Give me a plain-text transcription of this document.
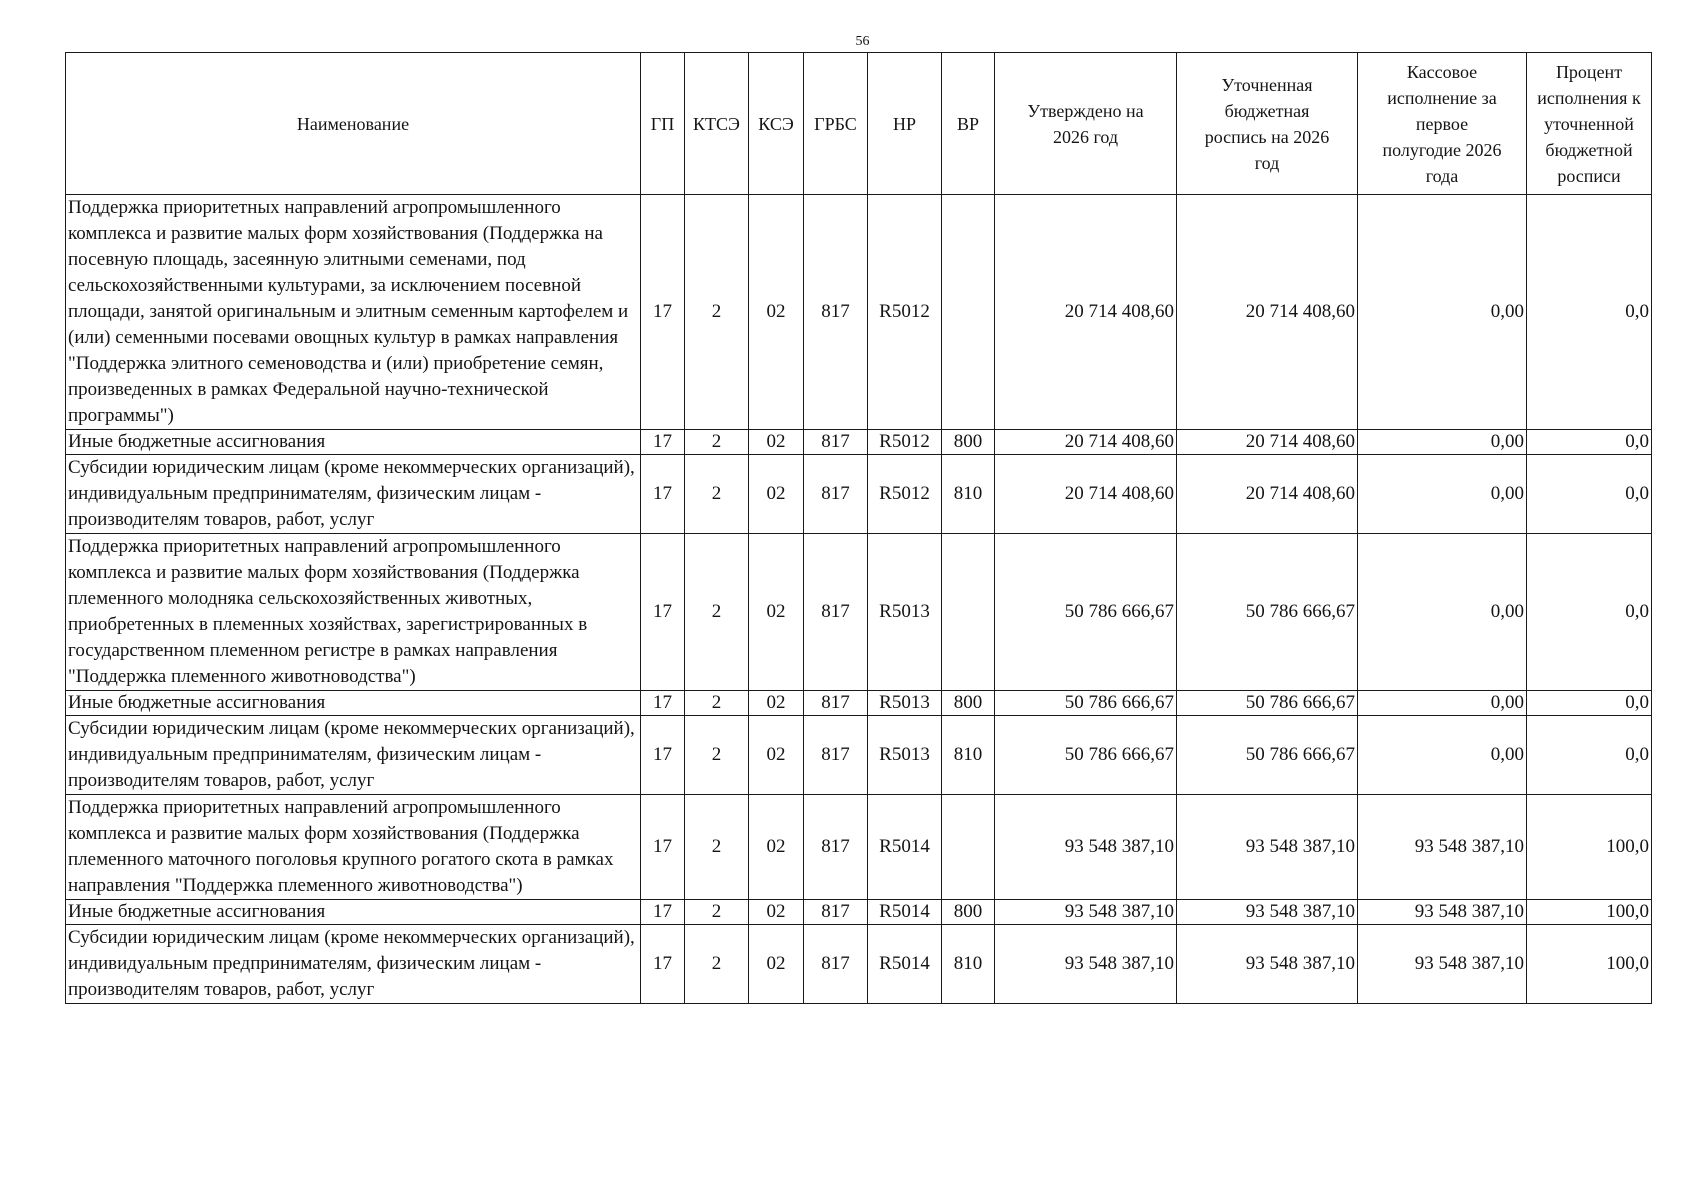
56
Наименование	ГП	КТСЭ	КСЭ	ГРБС	НР	ВР	Утверждено на 2026 год	Уточненная бюджетная роспись на 2026 год	Кассовое исполнение за первое полугодие 2026 года	Процент исполнения к уточненной бюджетной росписи
Поддержка приоритетных направлений агропромышленного комплекса и развитие малых форм хозяйствования (Поддержка на посевную площадь, засеянную элитными семенами, под сельскохозяйственными культурами, за исключением посевной площади, занятой оригинальным и элитным семенным картофелем и (или) семенными посевами овощных культур в рамках направления "Поддержка элитного семеноводства и (или) приобретение семян, произведенных в рамках Федеральной научно-технической программы")	17	2	02	817	R5012		20 714 408,60	20 714 408,60	0,00	0,0
Иные бюджетные ассигнования	17	2	02	817	R5012	800	20 714 408,60	20 714 408,60	0,00	0,0
Субсидии юридическим лицам (кроме некоммерческих организаций), индивидуальным предпринимателям, физическим лицам - производителям товаров, работ, услуг	17	2	02	817	R5012	810	20 714 408,60	20 714 408,60	0,00	0,0
Поддержка приоритетных направлений агропромышленного комплекса и развитие малых форм хозяйствования (Поддержка племенного молодняка сельскохозяйственных животных, приобретенных в племенных хозяйствах, зарегистрированных в государственном племенном регистре в рамках направления "Поддержка племенного животноводства")	17	2	02	817	R5013		50 786 666,67	50 786 666,67	0,00	0,0
Иные бюджетные ассигнования	17	2	02	817	R5013	800	50 786 666,67	50 786 666,67	0,00	0,0
Субсидии юридическим лицам (кроме некоммерческих организаций), индивидуальным предпринимателям, физическим лицам - производителям товаров, работ, услуг	17	2	02	817	R5013	810	50 786 666,67	50 786 666,67	0,00	0,0
Поддержка приоритетных направлений агропромышленного комплекса и развитие малых форм хозяйствования (Поддержка племенного маточного поголовья крупного рогатого скота в рамках направления "Поддержка племенного животноводства")	17	2	02	817	R5014		93 548 387,10	93 548 387,10	93 548 387,10	100,0
Иные бюджетные ассигнования	17	2	02	817	R5014	800	93 548 387,10	93 548 387,10	93 548 387,10	100,0
Субсидии юридическим лицам (кроме некоммерческих организаций), индивидуальным предпринимателям, физическим лицам - производителям товаров, работ, услуг	17	2	02	817	R5014	810	93 548 387,10	93 548 387,10	93 548 387,10	100,0
